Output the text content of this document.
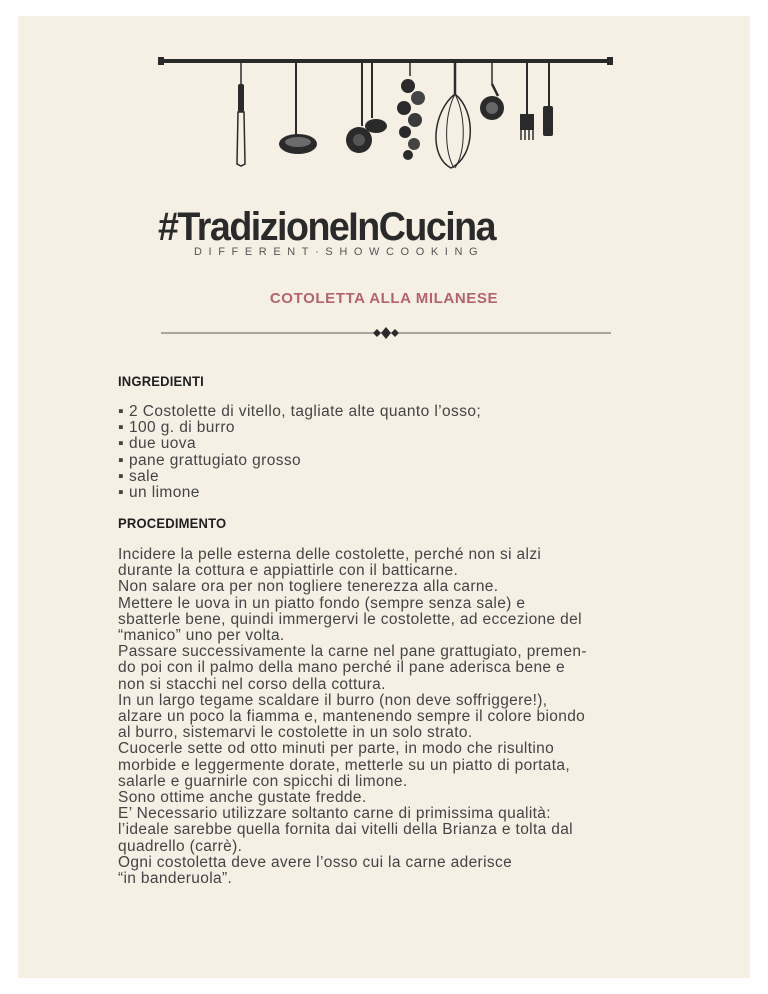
#TradizioneInCucina
DIFFERENT·SHOWCOOKING
COTOLETTA ALLA MILANESE
INGREDIENTI
▪ 2 Costolette di vitello, tagliate alte quanto l’osso;
▪ 100 g. di burro
▪ due uova
▪ pane grattugiato grosso
▪ sale
▪ un limone
PROCEDIMENTO
Incidere la pelle esterna delle costolette, perché non si alzi
durante la cottura e appiattirle con il batticarne.
Non salare ora per non togliere tenerezza alla carne.
Mettere le uova in un piatto fondo (sempre senza sale) e
sbatterle bene, quindi immergervi le costolette, ad eccezione del
“manico” uno per volta.
Passare successivamente la carne nel pane grattugiato, premen-
do poi con il palmo della mano perché il pane aderisca bene e
non si stacchi nel corso della cottura.
In un largo tegame scaldare il burro (non deve soffriggere!),
alzare un poco la fiamma e, mantenendo sempre il colore biondo
al burro, sistemarvi le costolette in un solo strato.
Cuocerle sette od otto minuti per parte, in modo che risultino
morbide e leggermente dorate, metterle su un piatto di portata,
salarle e guarnirle con spicchi di limone.
Sono ottime anche gustate fredde.
E’ Necessario utilizzare soltanto carne di primissima qualità:
l’ideale sarebbe quella fornita dai vitelli della Brianza e tolta dal
quadrello (carrè).
Ogni costoletta deve avere l’osso cui la carne aderisce
“in banderuola”.
